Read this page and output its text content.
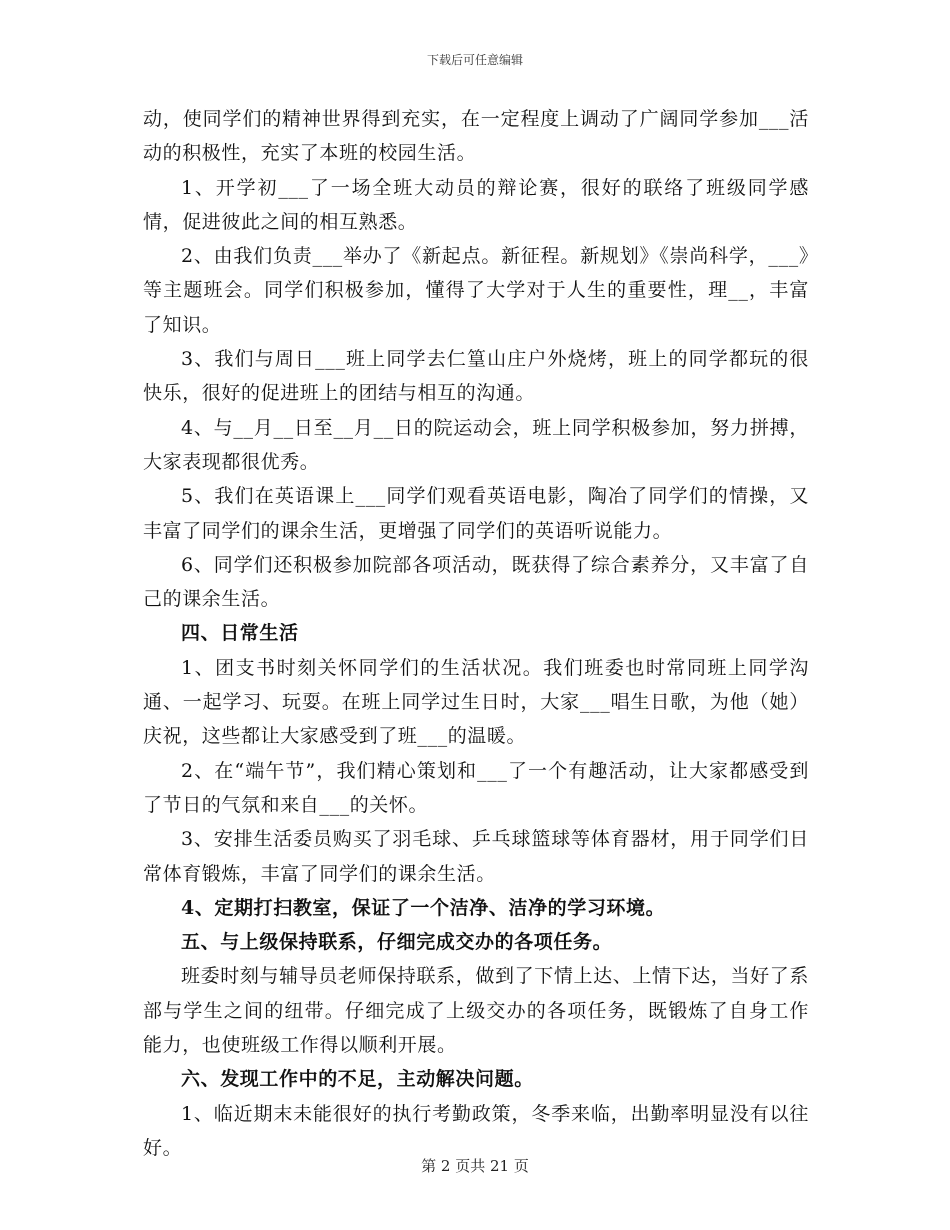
下载后可任意编辑

动，使同学们的精神世界得到充实，在一定程度上调动了广阔同学参加___活动的积极性，充实了本班的校园生活。

1、开学初___了一场全班大动员的辩论赛，很好的联络了班级同学感情，促进彼此之间的相互熟悉。

2、由我们负责___举办了《新起点。新征程。新规划》《崇尚科学，___》等主题班会。同学们积极参加，懂得了大学对于人生的重要性，理__，丰富了知识。

3、我们与周日___班上同学去仁篁山庄户外烧烤，班上的同学都玩的很快乐，很好的促进班上的团结与相互的沟通。

4、与__月__日至__月__日的院运动会，班上同学积极参加，努力拼搏，大家表现都很优秀。

5、我们在英语课上___同学们观看英语电影，陶冶了同学们的情操，又丰富了同学们的课余生活，更增强了同学们的英语听说能力。

6、同学们还积极参加院部各项活动，既获得了综合素养分，又丰富了自己的课余生活。

四、日常生活

1、团支书时刻关怀同学们的生活状况。我们班委也时常同班上同学沟通、一起学习、玩耍。在班上同学过生日时，大家___唱生日歌，为他（她）庆祝，这些都让大家感受到了班___的温暖。

2、在“端午节”，我们精心策划和___了一个有趣活动，让大家都感受到了节日的气氛和来自___的关怀。

3、安排生活委员购买了羽毛球、乒乓球篮球等体育器材，用于同学们日常体育锻炼，丰富了同学们的课余生活。

4、定期打扫教室，保证了一个洁净、洁净的学习环境。

五、与上级保持联系，仔细完成交办的各项任务。

班委时刻与辅导员老师保持联系，做到了下情上达、上情下达，当好了系部与学生之间的纽带。仔细完成了上级交办的各项任务，既锻炼了自身工作能力，也使班级工作得以顺利开展。

六、发现工作中的不足，主动解决问题。

1、临近期末未能很好的执行考勤政策，冬季来临，出勤率明显没有以往好。

第 2 页共 21 页
